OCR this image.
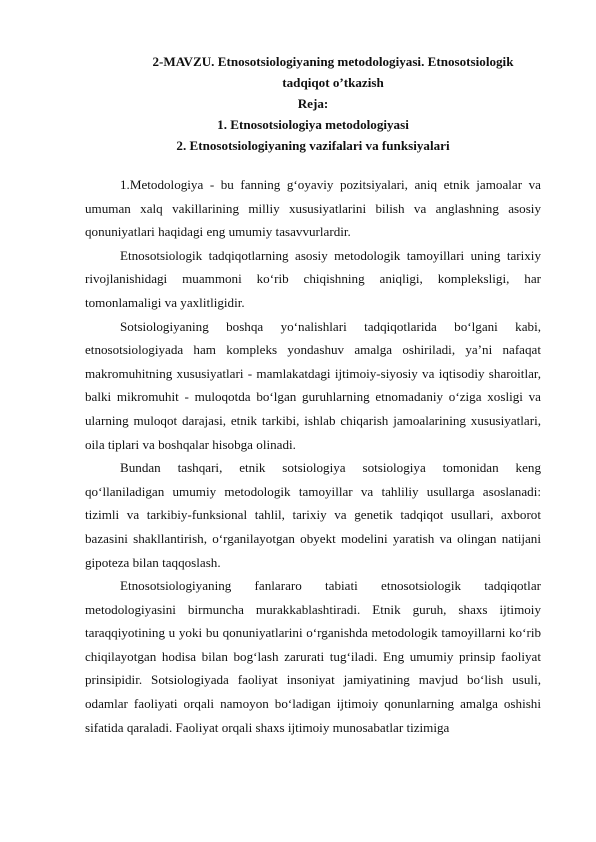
2-MAVZU. Etnosotsiologiyaning metodologiyasi. Etnosotsiologik
tadqiqot o’tkazish
Reja:
1. Etnosotsiologiya metodologiyasi
2. Etnosotsiologiyaning vazifalari va funksiyalari

1.Metodologiya - bu fanning g‘oyaviy pozitsiyalari, aniq etnik jamoalar va umuman xalq vakillarining milliy xususiyatlarini bilish va anglashning asosiy qonuniyatlari haqidagi eng umumiy tasavvurlardir.

Etnosotsiologik tadqiqotlarning asosiy metodologik tamoyillari uning tarixiy rivojlanishidagi muammoni ko‘rib chiqishning aniqligi, kompleksligi, har tomonlamaligi va yaxlitligidir.

Sotsiologiyaning boshqa yo‘nalishlari tadqiqotlarida bo‘lgani kabi, etnosotsiologiyada ham kompleks yondashuv amalga oshiriladi, ya’ni nafaqat makromuhitning xususiyatlari - mamlakatdagi ijtimoiy-siyosiy va iqtisodiy sharoitlar, balki mikromuhit - muloqotda bo‘lgan guruhlarning etnomadaniy o‘ziga xosligi va ularning muloqot darajasi, etnik tarkibi, ishlab chiqarish jamoalarining xususiyatlari, oila tiplari va boshqalar hisobga olinadi.

Bundan tashqari, etnik sotsiologiya sotsiologiya tomonidan keng qo‘llaniladigan umumiy metodologik tamoyillar va tahliliy usullarga asoslanadi: tizimli va tarkibiy-funksional tahlil, tarixiy va genetik tadqiqot usullari, axborot bazasini shakllantirish, o‘rganilayotgan obyekt modelini yaratish va olingan natijani gipoteza bilan taqqoslash.

Etnosotsiologiyaning fanlararo tabiati etnosotsiologik tadqiqotlar metodologiyasini birmuncha murakkablashtiradi. Etnik guruh, shaxs ijtimoiy taraqqiyotining u yoki bu qonuniyatlarini o‘rganishda metodologik tamoyillarni ko‘rib chiqilayotgan hodisa bilan bog‘lash zarurati tug‘iladi. Eng umumiy prinsip faoliyat prinsipidir. Sotsiologiyada faoliyat insoniyat jamiyatining mavjud bo‘lish usuli, odamlar faoliyati orqali namoyon bo‘ladigan ijtimoiy qonunlarning amalga oshishi sifatida qaraladi. Faoliyat orqali shaxs ijtimoiy munosabatlar tizimiga
